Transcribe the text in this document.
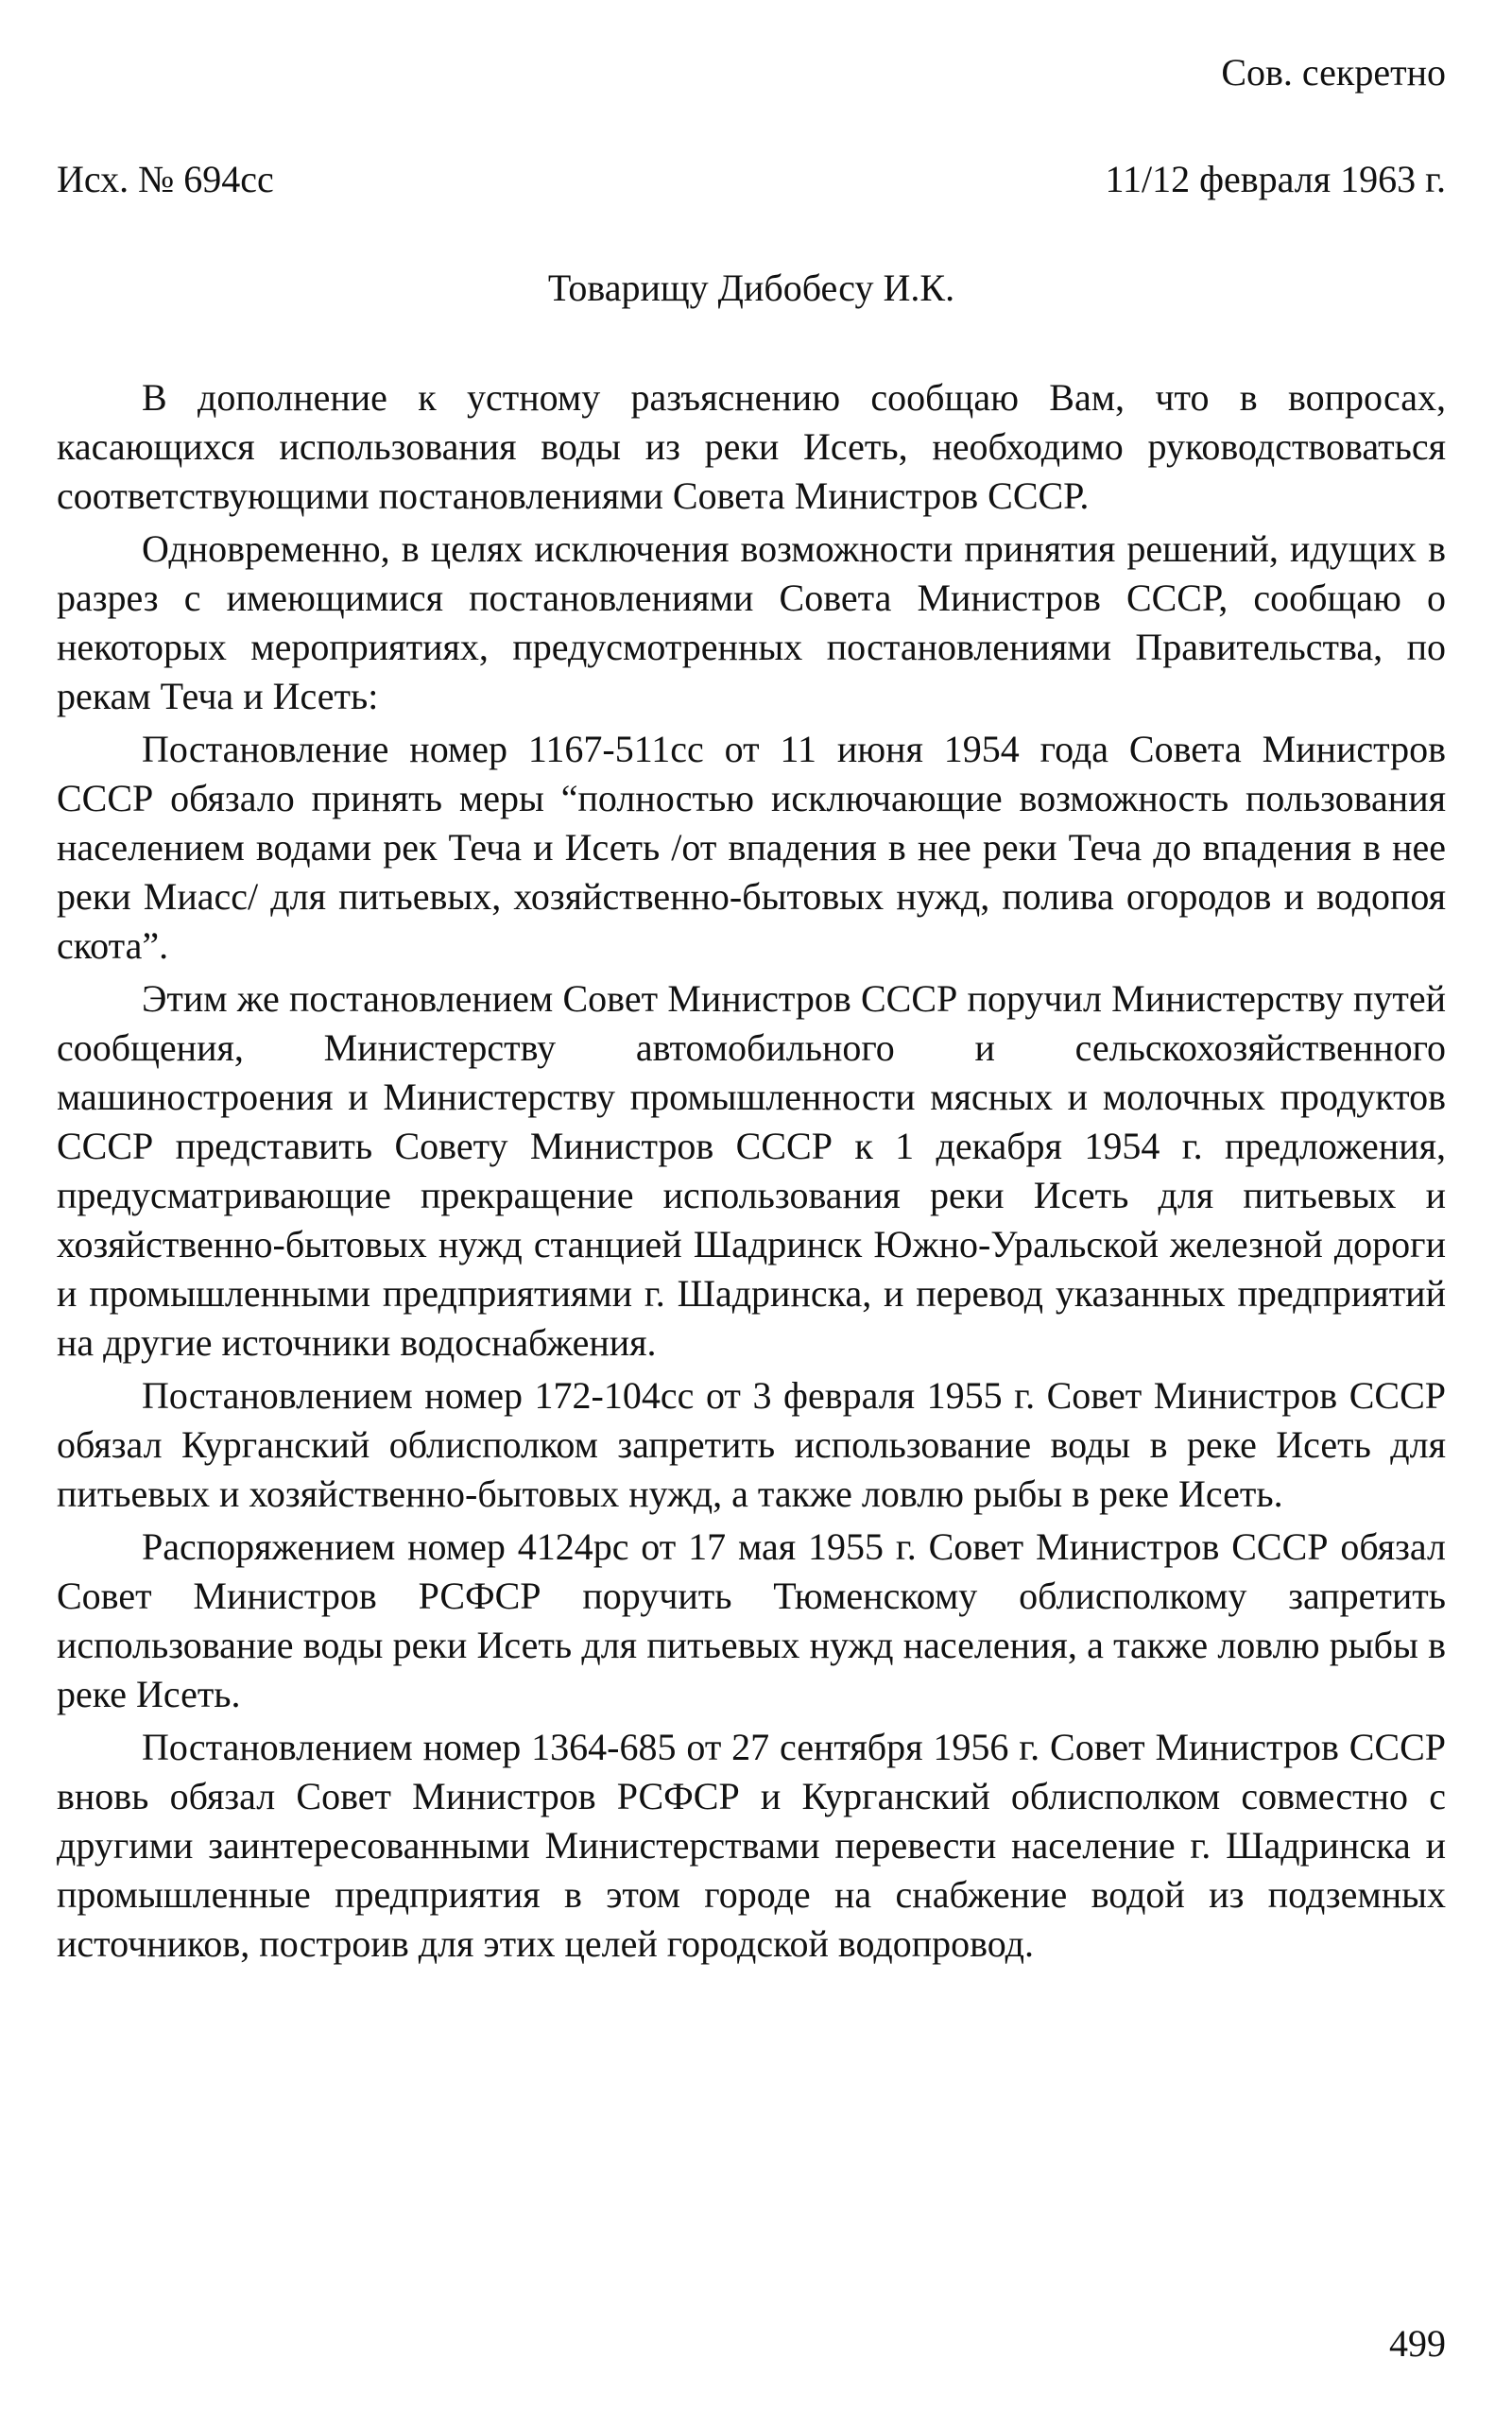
Сов. секретно
Исх. № 694сс	11/12 февраля 1963 г.
Товарищу Дибобесу И.К.

В дополнение к устному разъяснению сообщаю Вам, что в вопросах, касающихся использования воды из реки Исеть, необходимо руководствоваться соответствующими постановлениями Совета Министров СССР.

Одновременно, в целях исключения возможности принятия решений, идущих в разрез с имеющимися постановлениями Совета Министров СССР, сообщаю о некоторых мероприятиях, предусмотренных постановлениями Правительства, по рекам Теча и Исеть:

Постановление номер 1167-511сс от 11 июня 1954 года Совета Министров СССР обязало принять меры “полностью исключающие возможность пользования населением водами рек Теча и Исеть /от впадения в нее реки Теча до впадения в нее реки Миасс/ для питьевых, хозяйственно-бытовых нужд, полива огородов и водопоя скота”.

Этим же постановлением Совет Министров СССР поручил Министерству путей сообщения, Министерству автомобильного и сельскохозяйственного машиностроения и Министерству промышленности мясных и молочных продуктов СССР представить Совету Министров СССР к 1 декабря 1954 г. предложения, предусматривающие прекращение использования реки Исеть для питьевых и хозяйственно-бытовых нужд станцией Шадринск Южно-Уральской железной дороги и промышленными предприятиями г. Шадринска, и перевод указанных предприятий на другие источники водоснабжения.

Постановлением номер 172-104сс от 3 февраля 1955 г. Совет Министров СССР обязал Курганский облисполком запретить использование воды в реке Исеть для питьевых и хозяйственно-бытовых нужд, а также ловлю рыбы в реке Исеть.

Распоряжением номер 4124рс от 17 мая 1955 г. Совет Министров СССР обязал Совет Министров РСФСР поручить Тюменскому облисполкому запретить использование воды реки Исеть для питьевых нужд населения, а также ловлю рыбы в реке Исеть.

Постановлением номер 1364-685 от 27 сентября 1956 г. Совет Министров СССР вновь обязал Совет Министров РСФСР и Курганский облисполком совместно с другими заинтересованными Министерствами перевести население г. Шадринска и промышленные предприятия в этом городе на снабжение водой из подземных источников, построив для этих целей городской водопровод.

499
